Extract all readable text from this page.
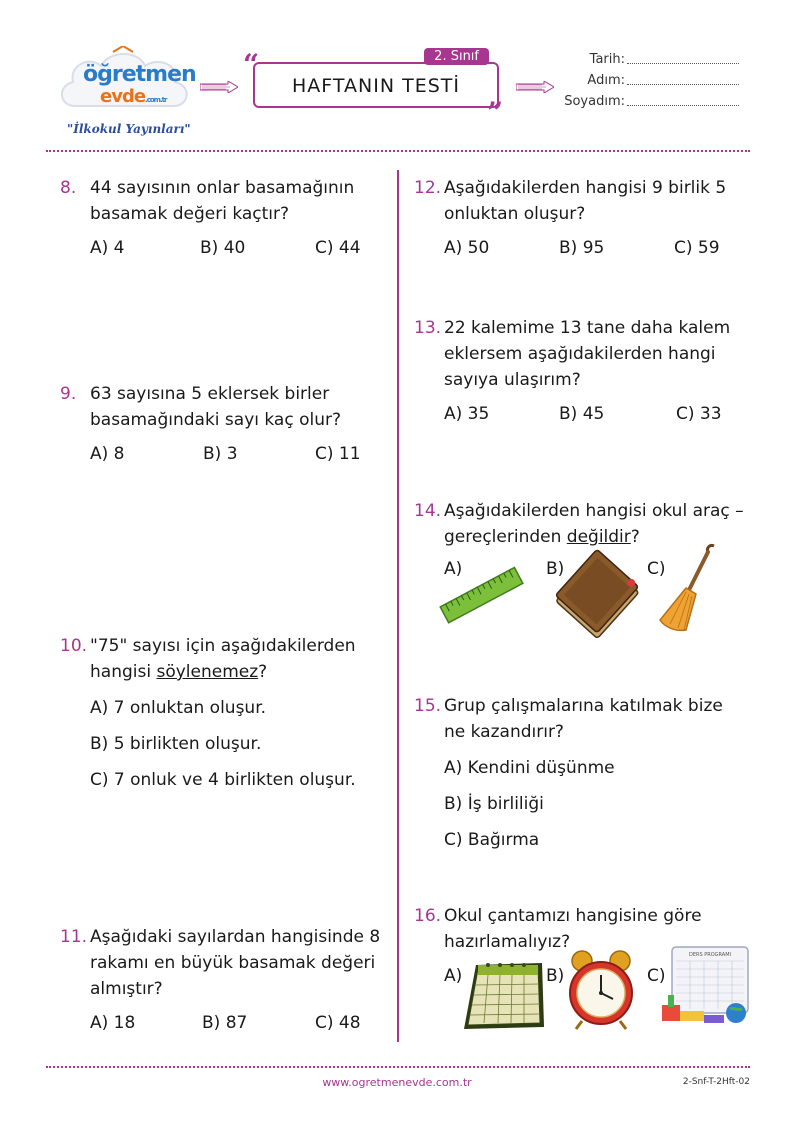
öğretmen
evde.com.tr
"İlkokul Yayınları"
“	2. Sınıf
HAFTANIN TESTİ
”
Tarih:
Adım:
Soyadım:
8. 44 sayısının onlar basamağının basamak değeri kaçtır?
A) 4	B) 40	C) 44
9. 63 sayısına 5 eklersek birler basamağındaki sayı kaç olur?
A) 8	B) 3	C) 11
10. "75" sayısı için aşağıdakilerden hangisi söylenemez?
A) 7 onluktan oluşur.
B) 5 birlikten oluşur.
C) 7 onluk ve 4 birlikten oluşur.
11. Aşağıdaki sayılardan hangisinde 8 rakamı en büyük basamak değeri almıştır?
A) 18	B) 87	C) 48
12. Aşağıdakilerden hangisi 9 birlik 5 onluktan oluşur?
A) 50	B) 95	C) 59
13. 22 kalemime 13 tane daha kalem eklersem aşağıdakilerden hangi sayıya ulaşırım?
A) 35	B) 45	C) 33
14. Aşağıdakilerden hangisi okul araç – gereçlerinden değildir?
A)	B)	C)
15. Grup çalışmalarına katılmak bize ne kazandırır?
A) Kendini düşünme
B) İş birliliği
C) Bağırma
16. Okul çantamızı hangisine göre hazırlamalıyız?
A)	B)	C)
DERS PROGRAMI
www.ogretmenevde.com.tr	2-Snf-T-2Hft-02
